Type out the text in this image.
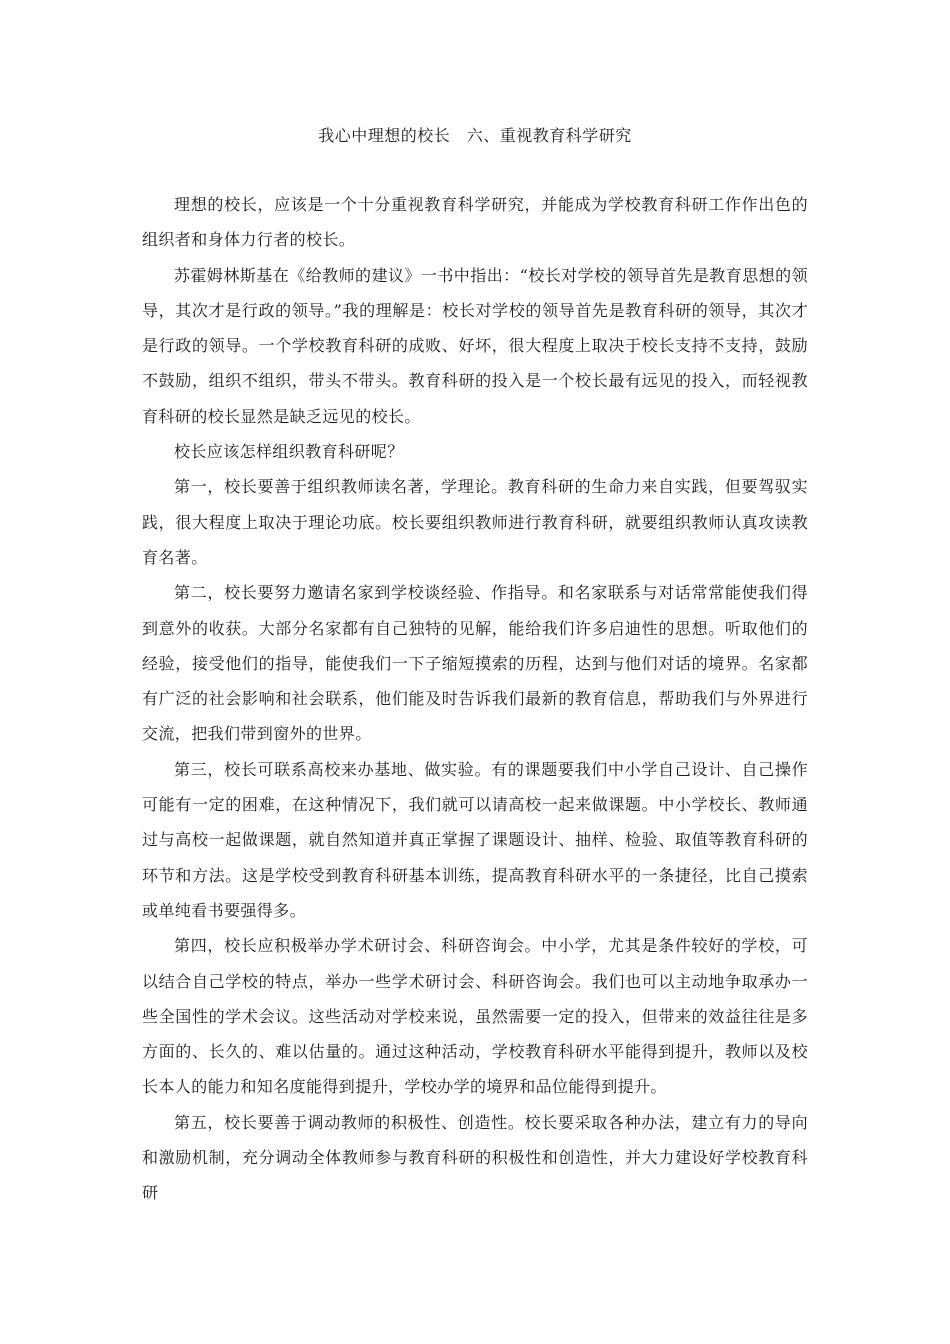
我心中理想的校长　六、重视教育科学研究

理想的校长，应该是一个十分重视教育科学研究，并能成为学校教育科研工作作出色的组织者和身体力行者的校长。

苏霍姆林斯基在《给教师的建议》一书中指出：“校长对学校的领导首先是教育思想的领导，其次才是行政的领导。”我的理解是：校长对学校的领导首先是教育科研的领导，其次才是行政的领导。一个学校教育科研的成败、好坏，很大程度上取决于校长支持不支持，鼓励不鼓励，组织不组织，带头不带头。教育科研的投入是一个校长最有远见的投入，而轻视教育科研的校长显然是缺乏远见的校长。

校长应该怎样组织教育科研呢？

第一，校长要善于组织教师读名著，学理论。教育科研的生命力来自实践，但要驾驭实践，很大程度上取决于理论功底。校长要组织教师进行教育科研，就要组织教师认真攻读教育名著。

第二，校长要努力邀请名家到学校谈经验、作指导。和名家联系与对话常常能使我们得到意外的收获。大部分名家都有自己独特的见解，能给我们许多启迪性的思想。听取他们的经验，接受他们的指导，能使我们一下子缩短摸索的历程，达到与他们对话的境界。名家都有广泛的社会影响和社会联系，他们能及时告诉我们最新的教育信息，帮助我们与外界进行交流，把我们带到窗外的世界。

第三，校长可联系高校来办基地、做实验。有的课题要我们中小学自己设计、自己操作可能有一定的困难，在这种情况下，我们就可以请高校一起来做课题。中小学校长、教师通过与高校一起做课题，就自然知道并真正掌握了课题设计、抽样、检验、取值等教育科研的环节和方法。这是学校受到教育科研基本训练，提高教育科研水平的一条捷径，比自己摸索或单纯看书要强得多。

第四，校长应积极举办学术研讨会、科研咨询会。中小学，尤其是条件较好的学校，可以结合自己学校的特点，举办一些学术研讨会、科研咨询会。我们也可以主动地争取承办一些全国性的学术会议。这些活动对学校来说，虽然需要一定的投入，但带来的效益往往是多方面的、长久的、难以估量的。通过这种活动，学校教育科研水平能得到提升，教师以及校长本人的能力和知名度能得到提升，学校办学的境界和品位能得到提升。

第五，校长要善于调动教师的积极性、创造性。校长要采取各种办法，建立有力的导向和激励机制，充分调动全体教师参与教育科研的积极性和创造性，并大力建设好学校教育科研
